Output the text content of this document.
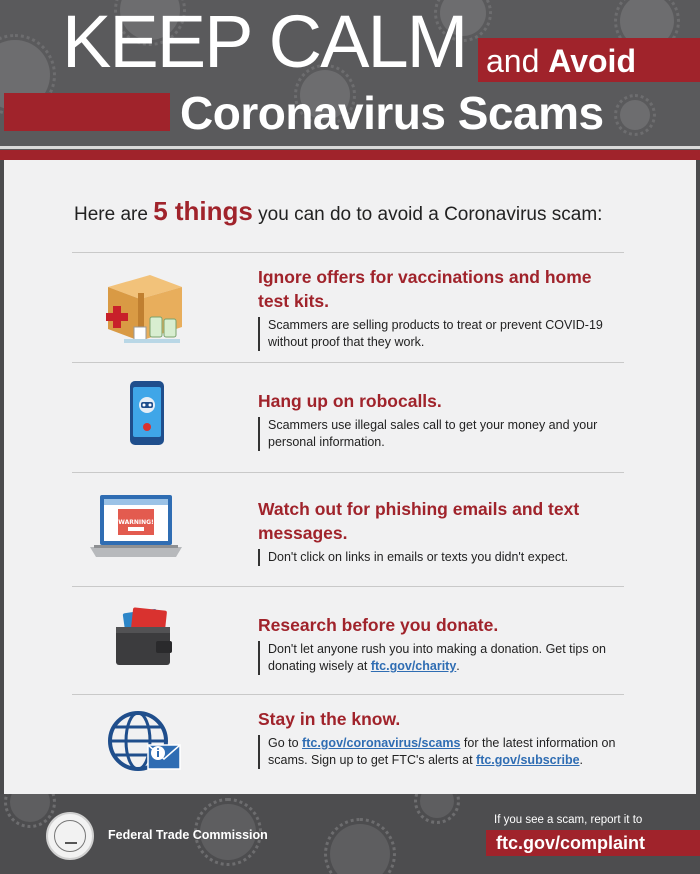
KEEP CALM and Avoid
Coronavirus Scams
Here are 5 things you can do to avoid a Coronavirus scam:
Ignore offers for vaccinations and home test kits.
Scammers are selling products to treat or prevent COVID-19 without proof that they work.
Hang up on robocalls.
Scammers use illegal sales call to get your money and your personal information.
WARNING!
Watch out for phishing emails and text messages.
Don't click on links in emails or texts you didn't expect.
Research before you donate.
Don't let anyone rush you into making a donation. Get tips on donating wisely at ftc.gov/charity.
Stay in the know.
Go to ftc.gov/coronavirus/scams for the latest information on scams. Sign up to get FTC's alerts at ftc.gov/subscribe.
Federal Trade Commission
If you see a scam, report it to
ftc.gov/complaint
